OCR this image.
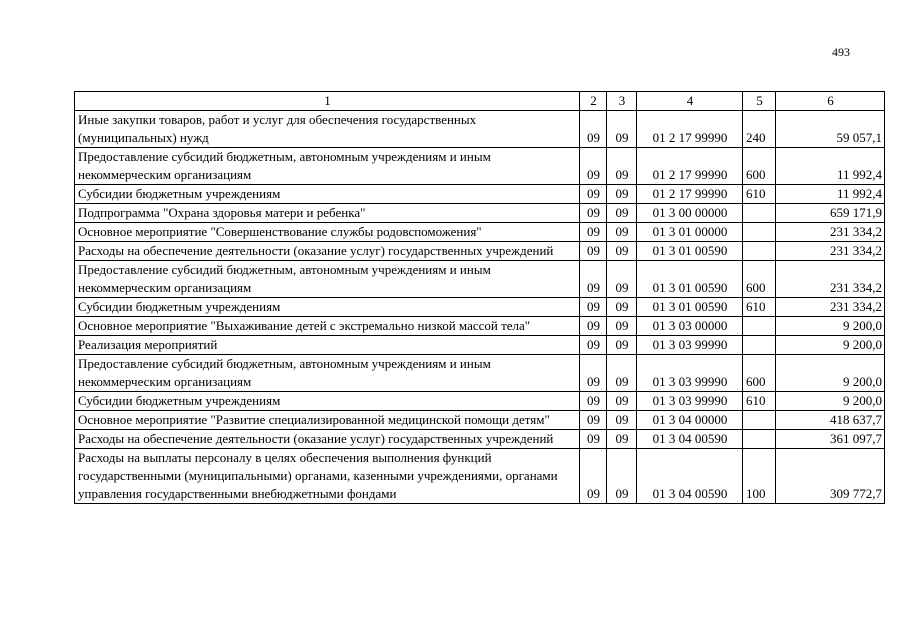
493
1	2	3	4	5	6
Иные закупки товаров, работ и услуг для обеспечения государственных (муниципальных) нужд	09	09	01 2 17 99990	240	59 057,1
Предоставление субсидий бюджетным, автономным учреждениям и иным некоммерческим организациям	09	09	01 2 17 99990	600	11 992,4
Субсидии бюджетным учреждениям	09	09	01 2 17 99990	610	11 992,4
Подпрограмма "Охрана здоровья матери и ребенка"	09	09	01 3 00 00000		659 171,9
Основное мероприятие "Совершенствование службы родовспоможения"	09	09	01 3 01 00000		231 334,2
Расходы на обеспечение деятельности (оказание услуг) государственных учреждений	09	09	01 3 01 00590		231 334,2
Предоставление субсидий бюджетным, автономным учреждениям и иным некоммерческим организациям	09	09	01 3 01 00590	600	231 334,2
Субсидии бюджетным учреждениям	09	09	01 3 01 00590	610	231 334,2
Основное мероприятие "Выхаживание детей с экстремально низкой массой тела"	09	09	01 3 03 00000		9 200,0
Реализация мероприятий	09	09	01 3 03 99990		9 200,0
Предоставление субсидий бюджетным, автономным учреждениям и иным некоммерческим организациям	09	09	01 3 03 99990	600	9 200,0
Субсидии бюджетным учреждениям	09	09	01 3 03 99990	610	9 200,0
Основное мероприятие "Развитие специализированной медицинской помощи детям"	09	09	01 3 04 00000		418 637,7
Расходы на обеспечение деятельности (оказание услуг) государственных учреждений	09	09	01 3 04 00590		361 097,7
Расходы на выплаты персоналу в целях обеспечения выполнения функций государственными (муниципальными) органами, казенными учреждениями, органами управления государственными внебюджетными фондами	09	09	01 3 04 00590	100	309 772,7
